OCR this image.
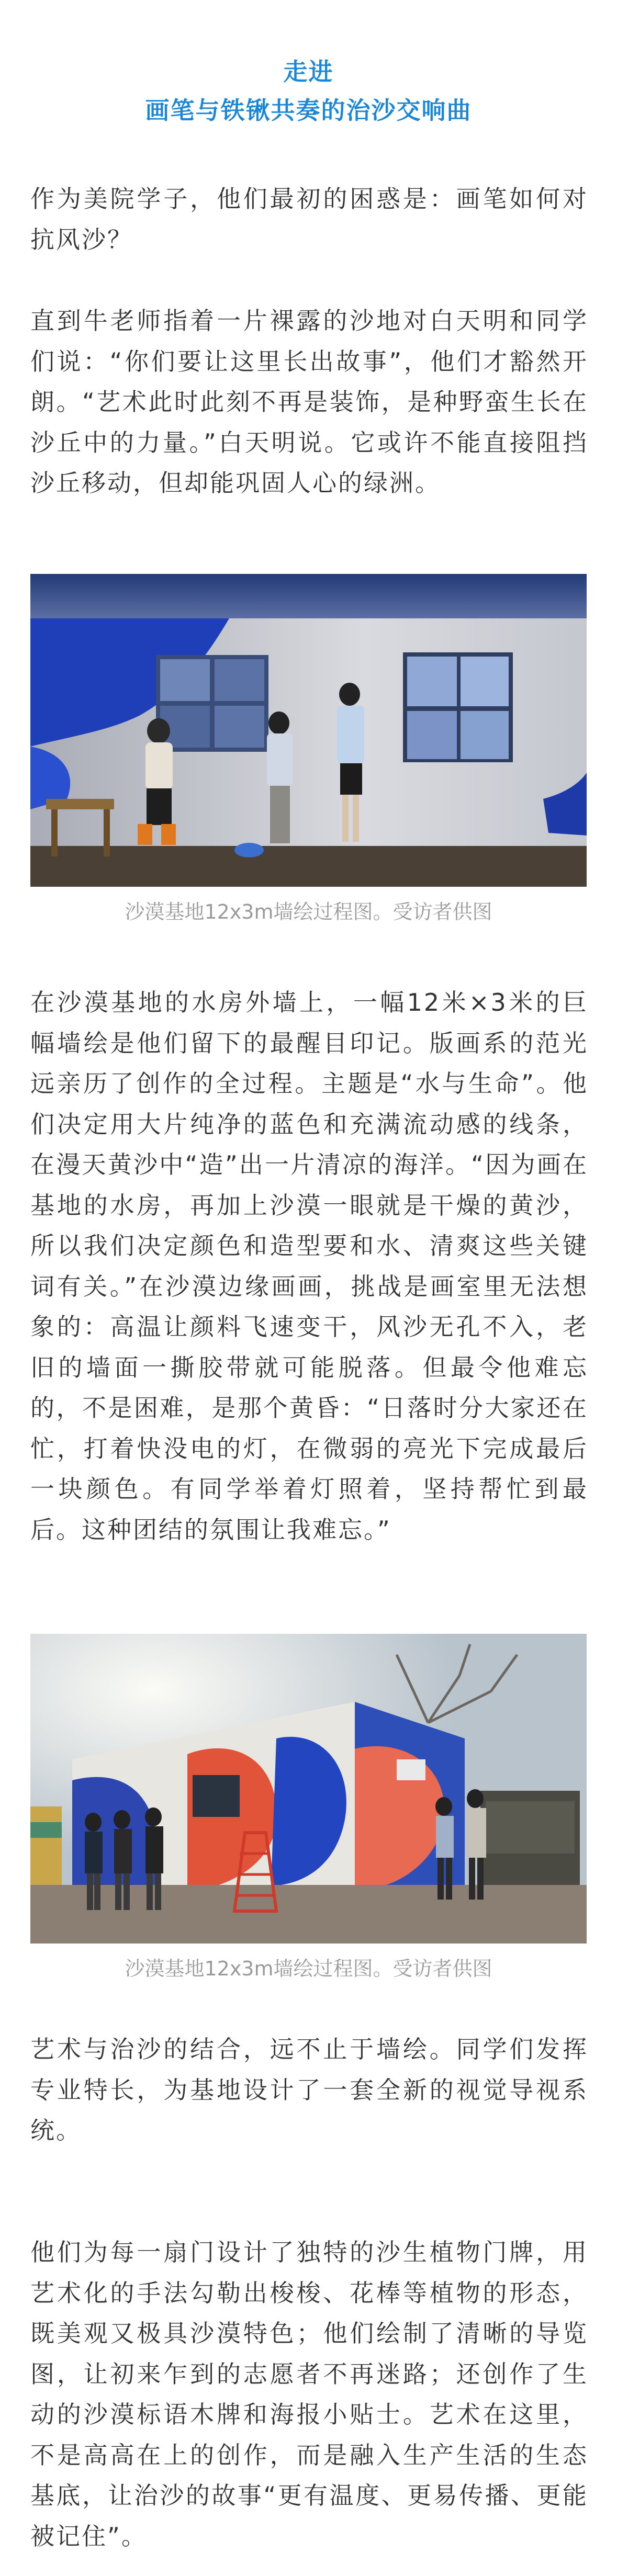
走进
画笔与铁锹共奏的治沙交响曲

作为美院学子，他们最初的困惑是：画笔如何对抗风沙？

直到牛老师指着一片裸露的沙地对白天明和同学们说：“你们要让这里长出故事”，他们才豁然开朗。“艺术此时此刻不再是装饰，是种野蛮生长在沙丘中的力量。”白天明说。它或许不能直接阻挡沙丘移动，但却能巩固人心的绿洲。

沙漠基地12x3m墙绘过程图。受访者供图

在沙漠基地的水房外墙上，一幅12米×3米的巨幅墙绘是他们留下的最醒目印记。版画系的范光远亲历了创作的全过程。主题是“水与生命”。他们决定用大片纯净的蓝色和充满流动感的线条，在漫天黄沙中“造”出一片清凉的海洋。“因为画在基地的水房，再加上沙漠一眼就是干燥的黄沙，所以我们决定颜色和造型要和水、清爽这些关键词有关。”在沙漠边缘画画，挑战是画室里无法想象的：高温让颜料飞速变干，风沙无孔不入，老旧的墙面一撕胶带就可能脱落。但最令他难忘的，不是困难，是那个黄昏：“日落时分大家还在忙，打着快没电的灯，在微弱的亮光下完成最后一块颜色。有同学举着灯照着，坚持帮忙到最后。这种团结的氛围让我难忘。”

沙漠基地12x3m墙绘过程图。受访者供图

艺术与治沙的结合，远不止于墙绘。同学们发挥专业特长，为基地设计了一套全新的视觉导视系统。

他们为每一扇门设计了独特的沙生植物门牌，用艺术化的手法勾勒出梭梭、花棒等植物的形态，既美观又极具沙漠特色；他们绘制了清晰的导览图，让初来乍到的志愿者不再迷路；还创作了生动的沙漠标语木牌和海报小贴士。艺术在这里，不是高高在上的创作，而是融入生产生活的生态基底，让治沙的故事“更有温度、更易传播、更能被记住”。
